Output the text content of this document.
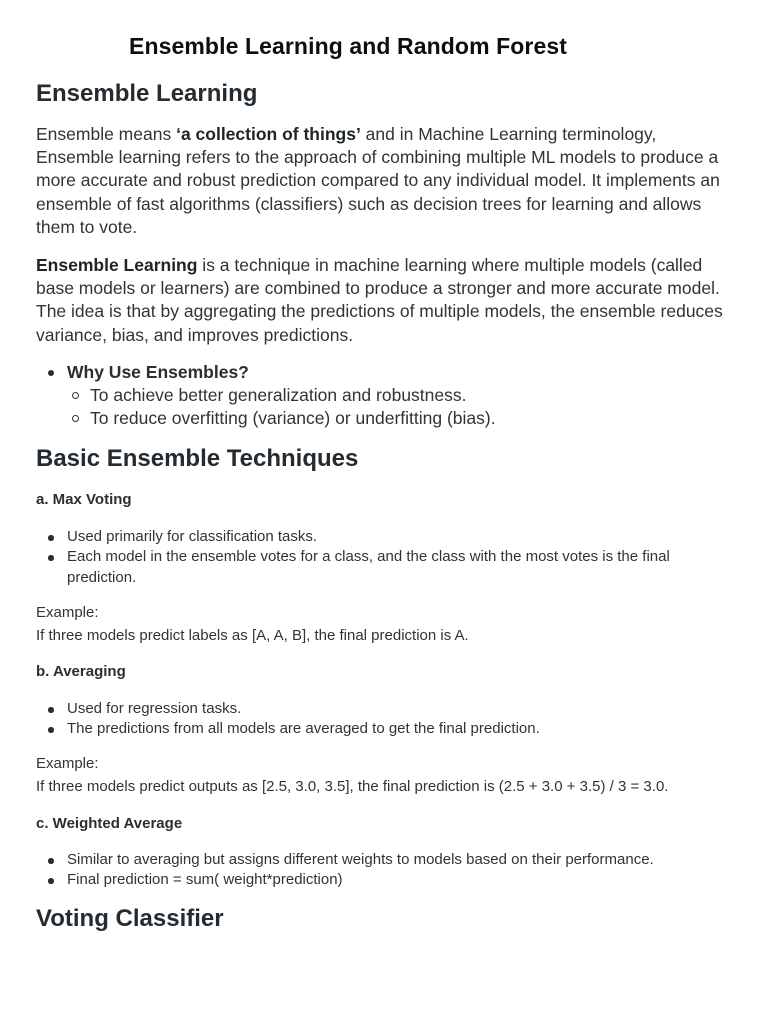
Ensemble Learning and Random Forest
Ensemble Learning

Ensemble means ‘a collection of things’ and in Machine Learning terminology, Ensemble learning refers to the approach of combining multiple ML models to produce a more accurate and robust prediction compared to any individual model. It implements an ensemble of fast algorithms (classifiers) such as decision trees for learning and allows them to vote.

Ensemble Learning is a technique in machine learning where multiple models (called base models or learners) are combined to produce a stronger and more accurate model. The idea is that by aggregating the predictions of multiple models, the ensemble reduces variance, bias, and improves predictions.

Why Use Ensembles?
To achieve better generalization and robustness.
To reduce overfitting (variance) or underfitting (bias).
Basic Ensemble Techniques
a. Max Voting
Used primarily for classification tasks.
Each model in the ensemble votes for a class, and the class with the most votes is the final prediction.

Example:

If three models predict labels as [A, A, B], the final prediction is A.

b. Averaging
Used for regression tasks.
The predictions from all models are averaged to get the final prediction.

Example:

If three models predict outputs as [2.5, 3.0, 3.5], the final prediction is (2.5 + 3.0 + 3.5) / 3 = 3.0.

c. Weighted Average
Similar to averaging but assigns different weights to models based on their performance.
Final prediction = sum( weight*prediction)
Voting Classifier
